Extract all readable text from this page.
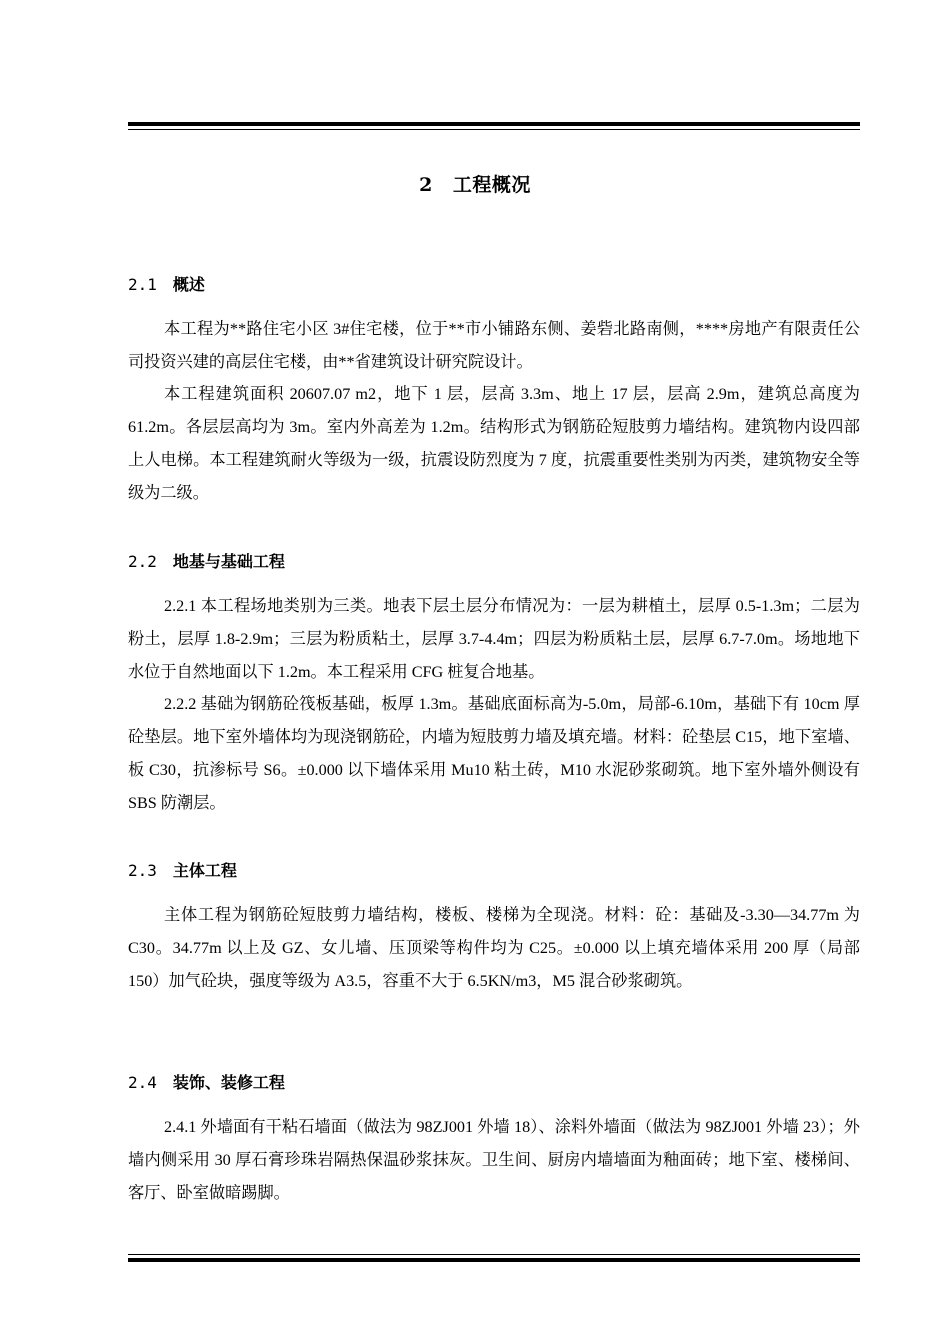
2 工程概况
2.1 概述
本工程为**路住宅小区 3#住宅楼，位于**市小铺路东侧、姜砦北路南侧，****房地产有限责任公司投资兴建的高层住宅楼，由**省建筑设计研究院设计。
本工程建筑面积 20607.07 m2，地下 1 层，层高 3.3m、地上 17 层，层高 2.9m，建筑总高度为 61.2m。各层层高均为 3m。室内外高差为 1.2m。结构形式为钢筋砼短肢剪力墙结构。建筑物内设四部上人电梯。本工程建筑耐火等级为一级，抗震设防烈度为 7 度，抗震重要性类别为丙类，建筑物安全等级为二级。
2.2 地基与基础工程
2.2.1 本工程场地类别为三类。地表下层土层分布情况为：一层为耕植土，层厚 0.5-1.3m；二层为粉土，层厚 1.8-2.9m；三层为粉质粘土，层厚 3.7-4.4m；四层为粉质粘土层，层厚 6.7-7.0m。场地地下水位于自然地面以下 1.2m。本工程采用 CFG 桩复合地基。
2.2.2 基础为钢筋砼筏板基础，板厚 1.3m。基础底面标高为-5.0m，局部-6.10m，基础下有 10cm 厚砼垫层。地下室外墙体均为现浇钢筋砼，内墙为短肢剪力墙及填充墙。材料：砼垫层 C15，地下室墙、板 C30，抗渗标号 S6。±0.000 以下墙体采用 Mu10 粘土砖，M10 水泥砂浆砌筑。地下室外墙外侧设有 SBS 防潮层。
2.3 主体工程
主体工程为钢筋砼短肢剪力墙结构，楼板、楼梯为全现浇。材料：砼：基础及-3.30—34.77m 为 C30。34.77m 以上及 GZ、女儿墙、压顶梁等构件均为 C25。±0.000 以上填充墙体采用 200 厚（局部 150）加气砼块，强度等级为 A3.5，容重不大于 6.5KN/m3，M5 混合砂浆砌筑。
2.4 装饰、装修工程
2.4.1 外墙面有干粘石墙面（做法为 98ZJ001 外墙 18）、涂料外墙面（做法为 98ZJ001 外墙 23）；外墙内侧采用 30 厚石膏珍珠岩隔热保温砂浆抹灰。卫生间、厨房内墙墙面为釉面砖；地下室、楼梯间、客厅、卧室做暗踢脚。
